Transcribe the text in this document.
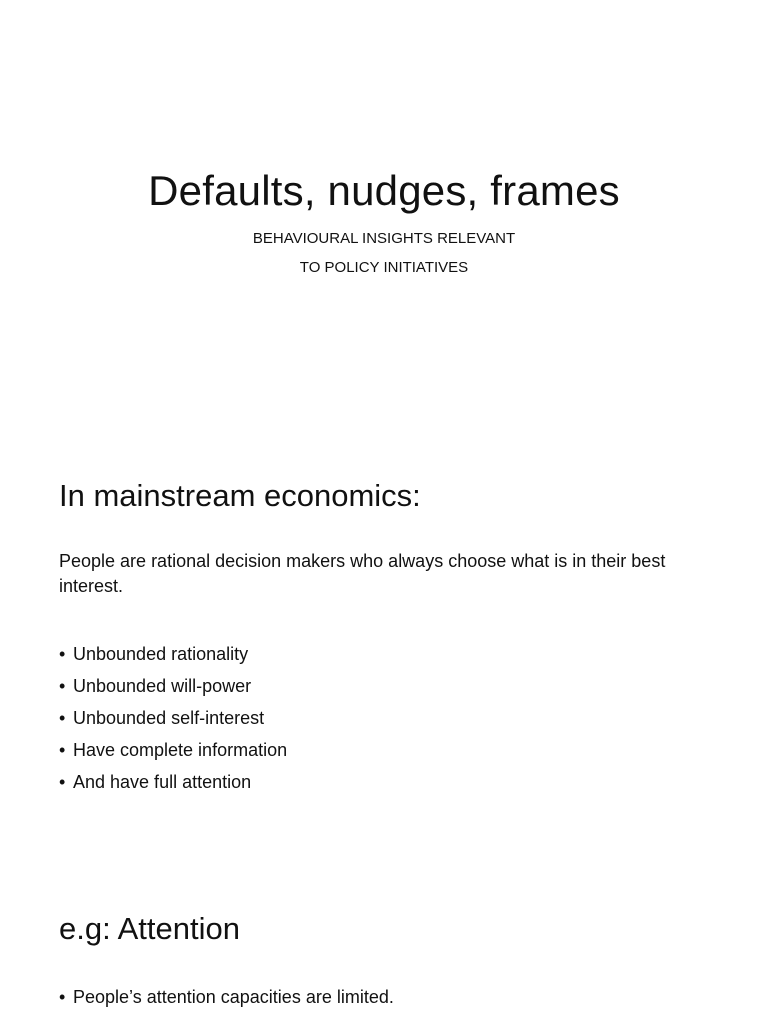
Defaults, nudges, frames
BEHAVIOURAL INSIGHTS RELEVANT
TO POLICY INITIATIVES
In mainstream economics:
People are rational decision makers who always choose what is in their best interest.
• Unbounded rationality
• Unbounded will-power
• Unbounded self-interest
• Have complete information
• And have full attention
e.g: Attention
• People’s attention capacities are limited.
